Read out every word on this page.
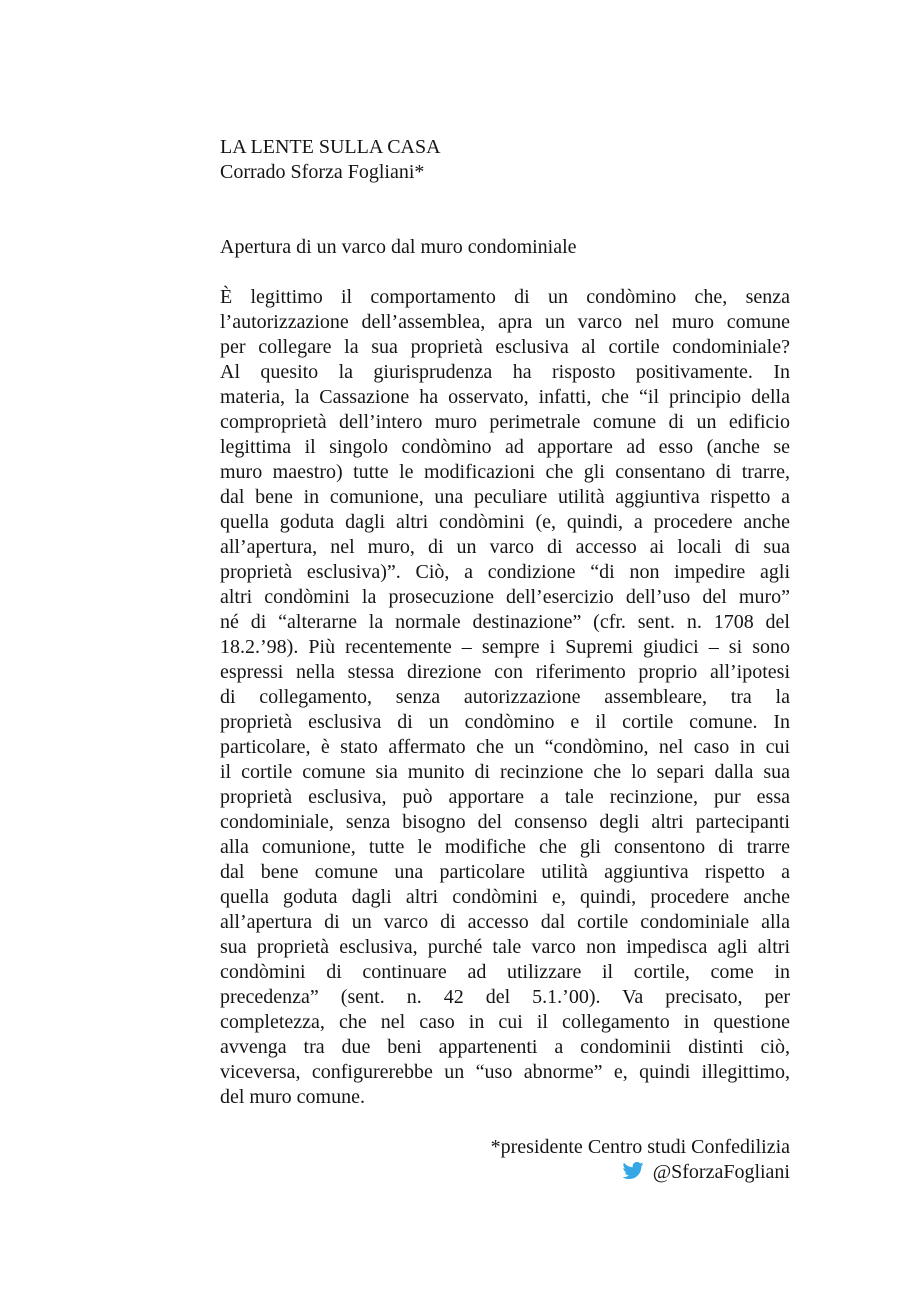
LA LENTE SULLA CASA
Corrado Sforza Fogliani*
Apertura di un varco dal muro condominiale
È legittimo il comportamento di un condòmino che, senza
l’autorizzazione dell’assemblea, apra un varco nel muro comune
per collegare la sua proprietà esclusiva al cortile condominiale?
Al quesito la giurisprudenza ha risposto positivamente. In
materia, la Cassazione ha osservato, infatti, che “il principio della
comproprietà dell’intero muro perimetrale comune di un edificio
legittima il singolo condòmino ad apportare ad esso (anche se
muro maestro) tutte le modificazioni che gli consentano di trarre,
dal bene in comunione, una peculiare utilità aggiuntiva rispetto a
quella goduta dagli altri condòmini (e, quindi, a procedere anche
all’apertura, nel muro, di un varco di accesso ai locali di sua
proprietà esclusiva)”. Ciò, a condizione “di non impedire agli
altri condòmini la prosecuzione dell’esercizio dell’uso del muro”
né di “alterarne la normale destinazione” (cfr. sent. n. 1708 del
18.2.’98). Più recentemente – sempre i Supremi giudici – si sono
espressi nella stessa direzione con riferimento proprio all’ipotesi
di collegamento, senza autorizzazione assembleare, tra la
proprietà esclusiva di un condòmino e il cortile comune. In
particolare, è stato affermato che un “condòmino, nel caso in cui
il cortile comune sia munito di recinzione che lo separi dalla sua
proprietà esclusiva, può apportare a tale recinzione, pur essa
condominiale, senza bisogno del consenso degli altri partecipanti
alla comunione, tutte le modifiche che gli consentono di trarre
dal bene comune una particolare utilità aggiuntiva rispetto a
quella goduta dagli altri condòmini e, quindi, procedere anche
all’apertura di un varco di accesso dal cortile condominiale alla
sua proprietà esclusiva, purché tale varco non impedisca agli altri
condòmini di continuare ad utilizzare il cortile, come in
precedenza” (sent. n. 42 del 5.1.’00). Va precisato, per
completezza, che nel caso in cui il collegamento in questione
avvenga tra due beni appartenenti a condominii distinti ciò,
viceversa, configurerebbe un “uso abnorme” e, quindi illegittimo,
del muro comune.
*presidente Centro studi Confedilizia
@SforzaFogliani
